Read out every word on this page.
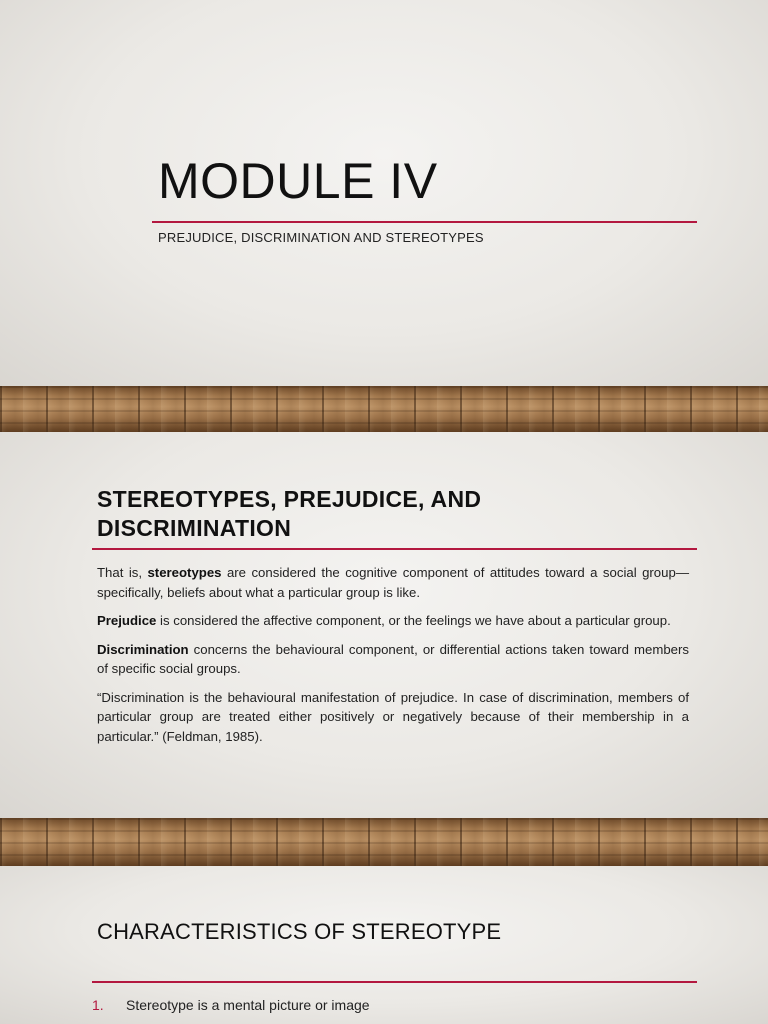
MODULE IV
PREJUDICE, DISCRIMINATION AND STEREOTYPES
STEREOTYPES, PREJUDICE, AND DISCRIMINATION

That is, stereotypes are considered the cognitive component of attitudes toward a social group—specifically, beliefs about what a particular group is like.

Prejudice is considered the affective component, or the feelings we have about a particular group.

Discrimination concerns the behavioural component, or differential actions taken toward members of specific social groups.

“Discrimination is the behavioural manifestation of prejudice. In case of discrimination, members of particular group are treated either positively or negatively because of their membership in a particular.” (Feldman, 1985).

CHARACTERISTICS OF STEREOTYPE
1. Stereotype is a mental picture or image
